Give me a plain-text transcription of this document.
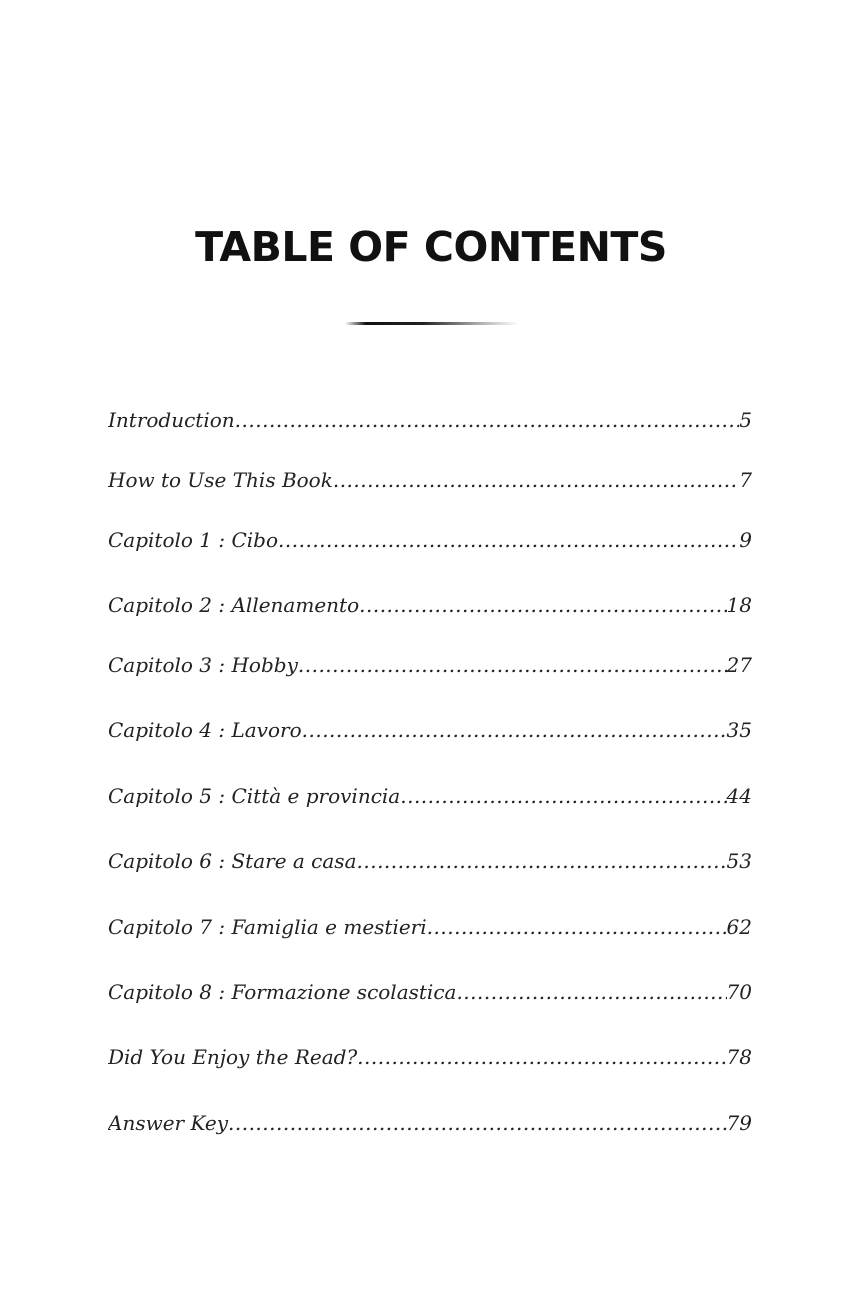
TABLE OF CONTENTS
Introduction .....	5
How to Use This Book .....	7
Capitolo 1 : Cibo .....	9
Capitolo 2 : Allenamento .....	18
Capitolo 3 : Hobby .....	27
Capitolo 4 : Lavoro .....	35
Capitolo 5 : Città e provincia .....	44
Capitolo 6 : Stare a casa .....	53
Capitolo 7 : Famiglia e mestieri .....	62
Capitolo 8 : Formazione scolastica .....	70
Did You Enjoy the Read? .....	78
Answer Key .....	79
